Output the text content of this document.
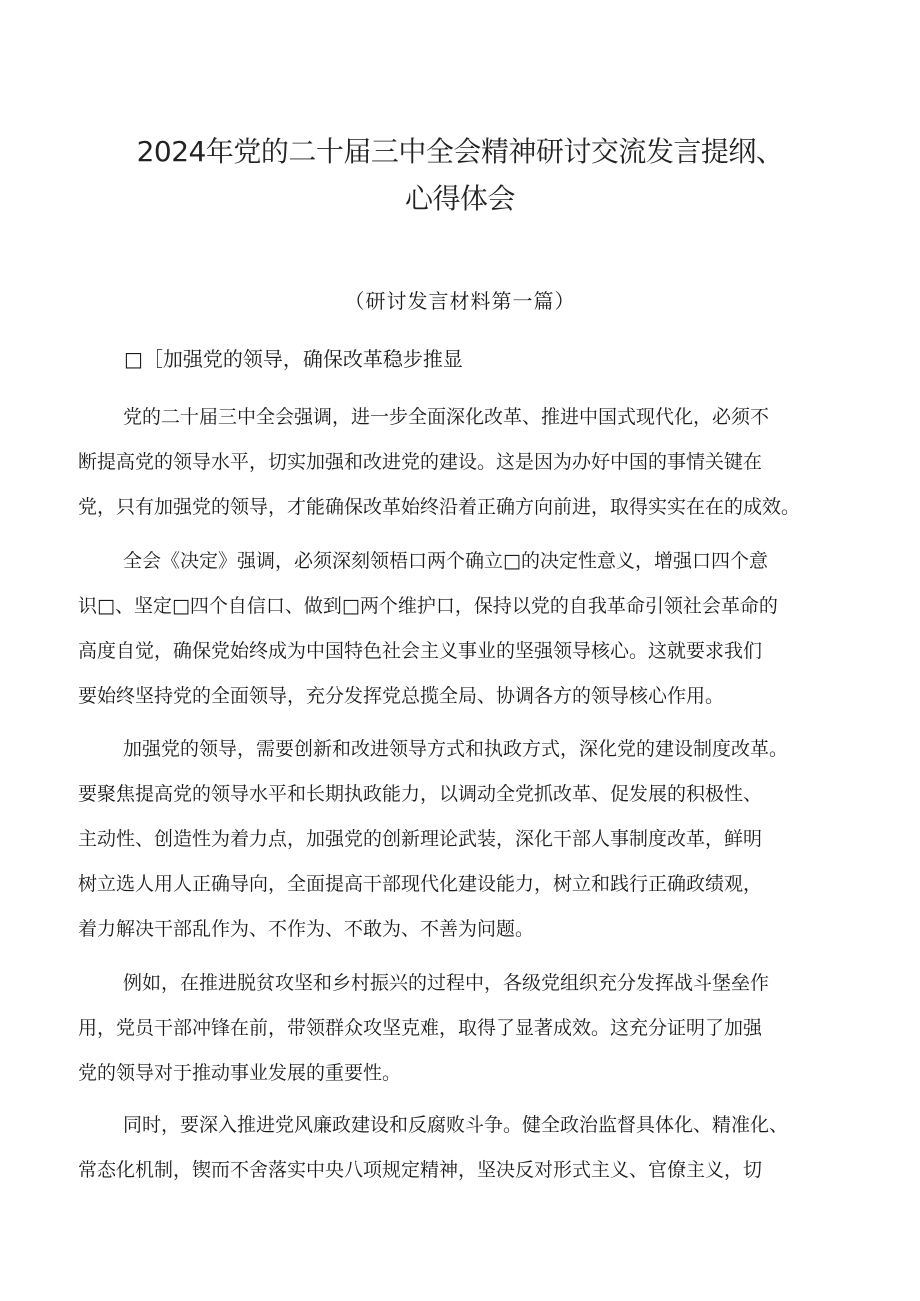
2024年党的二十届三中全会精神研讨交流发言提纲、
心得体会
（研讨发言材料第一篇）
□［加强党的领导，确保改革稳步推显

党的二十届三中全会强调，进一步全面深化改革、推进中国式现代化，必须不
断提高党的领导水平，切实加强和改进党的建设。这是因为办好中国的事情关键在
党，只有加强党的领导，才能确保改革始终沿着正确方向前进，取得实实在在的成效。

全会《决定》强调，必须深刻领梧口两个确立□的决定性意义，增强口四个意
识□、坚定□四个自信口、做到□两个维护口，保持以党的自我革命引领社会革命的
高度自觉，确保党始终成为中国特色社会主义事业的坚强领导核心。这就要求我们
要始终坚持党的全面领导，充分发挥党总揽全局、协调各方的领导核心作用。

加强党的领导，需要创新和改进领导方式和执政方式，深化党的建设制度改革。
要聚焦提高党的领导水平和长期执政能力，以调动全党抓改革、促发展的积极性、
主动性、创造性为着力点，加强党的创新理论武装，深化干部人事制度改革，鲜明
树立选人用人正确导向，全面提高干部现代化建设能力，树立和践行正确政绩观，
着力解决干部乱作为、不作为、不敢为、不善为问题。

例如，在推进脱贫攻坚和乡村振兴的过程中，各级党组织充分发挥战斗堡垒作
用，党员干部冲锋在前，带领群众攻坚克难，取得了显著成效。这充分证明了加强
党的领导对于推动事业发展的重要性。

同时，要深入推进党风廉政建设和反腐败斗争。健全政治监督具体化、精准化、
常态化机制，锲而不舍落实中央八项规定精神，坚决反对形式主义、官僚主义，切
